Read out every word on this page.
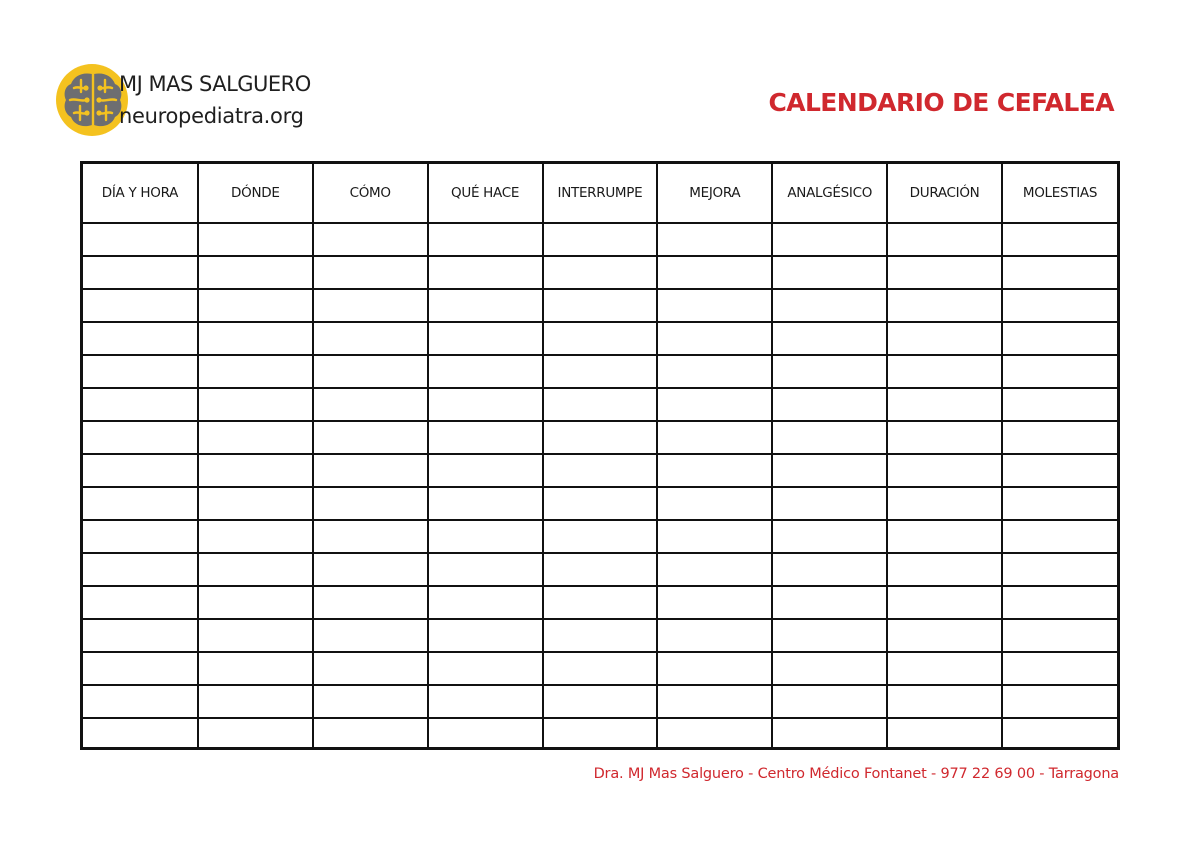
MJ MAS SALGUERO
neuropediatra.org	CALENDARIO DE CEFALEA
DÍA Y HORA	DÓNDE	CÓMO	QUÉ HACE	INTERRUMPE	MEJORA	ANALGÉSICO	DURACIÓN	MOLESTIAS

Dra. MJ Mas Salguero - Centro Médico Fontanet - 977 22 69 00 - Tarragona
